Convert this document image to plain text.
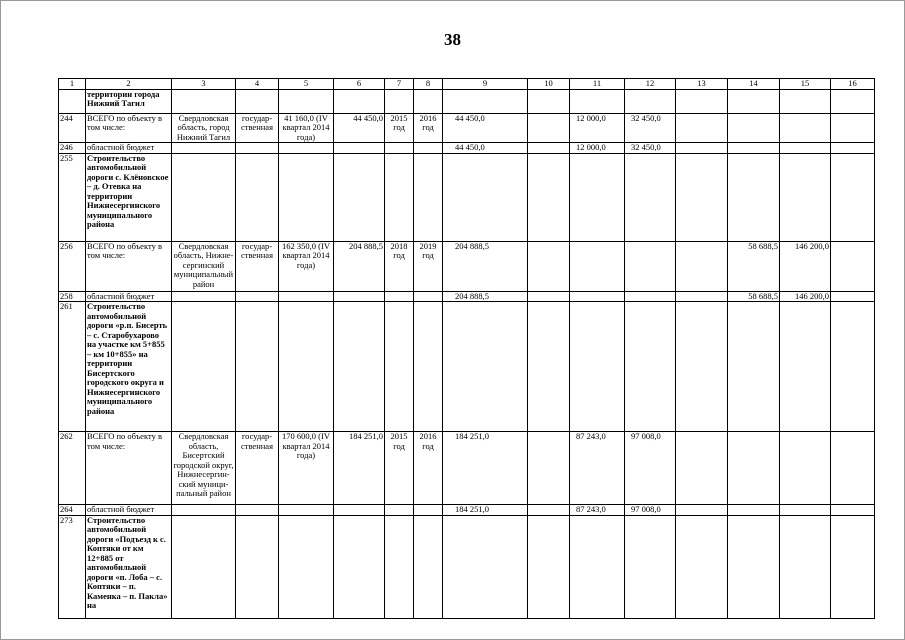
38
1	2	3	4	5	6	7	8	9	10	11	12	13	14	15	16
	территории города Нижний Тагил														
244	ВСЕГО по объекту в том числе:	Свердловская область, город Нижний Тагил	государ-ственная	41 160,0 (IV квартал 2014 года)	44 450,0	2015 год	2016 год	44 450,0		12 000,0	32 450,0				
246	областной бюджет							44 450,0		12 000,0	32 450,0				
255	Строительство автомобильной дороги с. Клёновское – д. Отевка на территории Нижнесергинского муниципального района														
256	ВСЕГО по объекту в том числе:	Свердловская область, Нижне-сергинский муниципальный район	государ-ственная	162 350,0 (IV квартал 2014 года)	204 888,5	2018 год	2019 год	204 888,5					58 688,5	146 200,0	
258	областной бюджет							204 888,5					58 688,5	146 200,0	
261	Строительство автомобильной дороги «р.п. Бисерть – с. Старобухарово на участке км 5+855 – км 10+855» на территории Бисертского городского округа и Нижнесергинского муниципального района														
262	ВСЕГО по объекту в том числе:	Свердловская область, Бисертский городской округ, Нижнесергин-ский муници-пальный район	государ-ственная	170 600,0 (IV квартал 2014 года)	184 251,0	2015 год	2016 год	184 251,0		87 243,0	97 008,0				
264	областной бюджет							184 251,0		87 243,0	97 008,0				
273	Строительство автомобильной дороги «Подъезд к с. Коптяки от км 12+885 от автомобильной дороги «п. Лоба – с. Коптяки – п. Каменка – п. Пакла» на														
